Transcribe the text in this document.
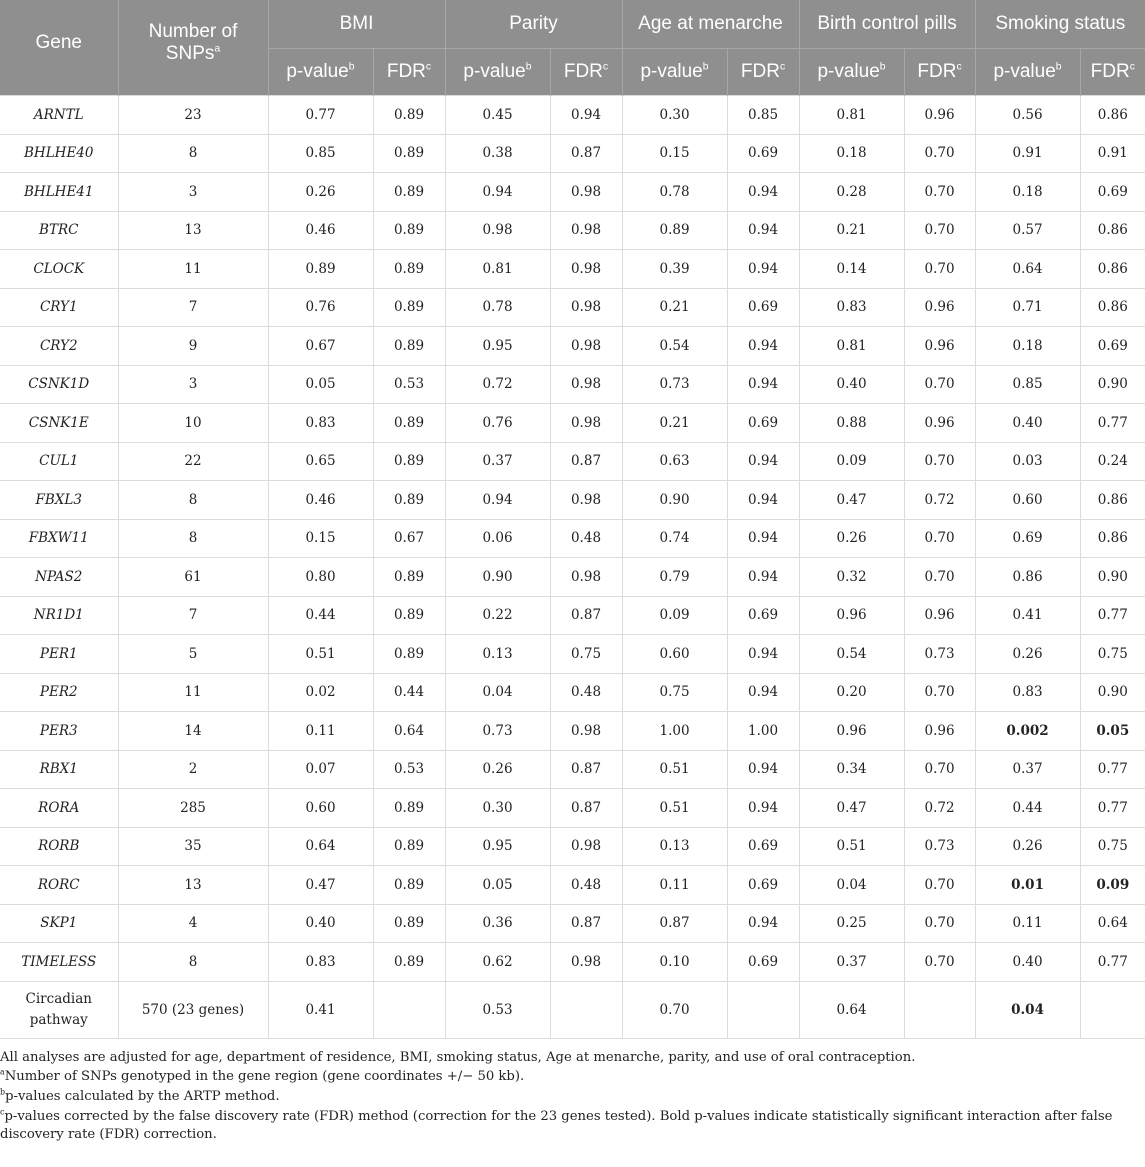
Gene	Number of SNPs$^a$	BMI		Parity		Age at menarche		Birth control pills		Smoking status	
		p-value$^b$	FDR$^c$	p-value$^b$	FDR$^c$	p-value$^b$	FDR$^c$	p-value$^b$	FDR$^c$	p-value$^b$	FDR$^c$
ARNTL	23	0.77	0.89	0.45	0.94	0.30	0.85	0.81	0.96	0.56	0.86
BHLHE40	8	0.85	0.89	0.38	0.87	0.15	0.69	0.18	0.70	0.91	0.91
BHLHE41	3	0.26	0.89	0.94	0.98	0.78	0.94	0.28	0.70	0.18	0.69
BTRC	13	0.46	0.89	0.98	0.98	0.89	0.94	0.21	0.70	0.57	0.86
CLOCK	11	0.89	0.89	0.81	0.98	0.39	0.94	0.14	0.70	0.64	0.86
CRY1	7	0.76	0.89	0.78	0.98	0.21	0.69	0.83	0.96	0.71	0.86
CRY2	9	0.67	0.89	0.95	0.98	0.54	0.94	0.81	0.96	0.18	0.69
CSNK1D	3	0.05	0.53	0.72	0.98	0.73	0.94	0.40	0.70	0.85	0.90
CSNK1E	10	0.83	0.89	0.76	0.98	0.21	0.69	0.88	0.96	0.40	0.77
CUL1	22	0.65	0.89	0.37	0.87	0.63	0.94	0.09	0.70	0.03	0.24
FBXL3	8	0.46	0.89	0.94	0.98	0.90	0.94	0.47	0.72	0.60	0.86
FBXW11	8	0.15	0.67	0.06	0.48	0.74	0.94	0.26	0.70	0.69	0.86
NPAS2	61	0.80	0.89	0.90	0.98	0.79	0.94	0.32	0.70	0.86	0.90
NR1D1	7	0.44	0.89	0.22	0.87	0.09	0.69	0.96	0.96	0.41	0.77
PER1	5	0.51	0.89	0.13	0.75	0.60	0.94	0.54	0.73	0.26	0.75
PER2	11	0.02	0.44	0.04	0.48	0.75	0.94	0.20	0.70	0.83	0.90
PER3	14	0.11	0.64	0.73	0.98	1.00	1.00	0.96	0.96	0.002	0.05
RBX1	2	0.07	0.53	0.26	0.87	0.51	0.94	0.34	0.70	0.37	0.77
RORA	285	0.60	0.89	0.30	0.87	0.51	0.94	0.47	0.72	0.44	0.77
RORB	35	0.64	0.89	0.95	0.98	0.13	0.69	0.51	0.73	0.26	0.75
RORC	13	0.47	0.89	0.05	0.48	0.11	0.69	0.04	0.70	0.01	0.09
SKP1	4	0.40	0.89	0.36	0.87	0.87	0.94	0.25	0.70	0.11	0.64
TIMELESS	8	0.83	0.89	0.62	0.98	0.10	0.69	0.37	0.70	0.40	0.77
Circadian
pathway	570 (23 genes)	0.41		0.53		0.70		0.64		0.04	

All analyses are adjusted for age, department of residence, BMI, smoking status, Age at menarche, parity, and use of oral contraception.

$^a$Number of SNPs genotyped in the gene region (gene coordinates +/− 50 kb).

$^b$p-values calculated by the ARTP method.

$^c$p-values corrected by the false discovery rate (FDR) method (correction for the 23 genes tested). Bold p-values indicate statistically significant interaction after false discovery rate (FDR) correction.
